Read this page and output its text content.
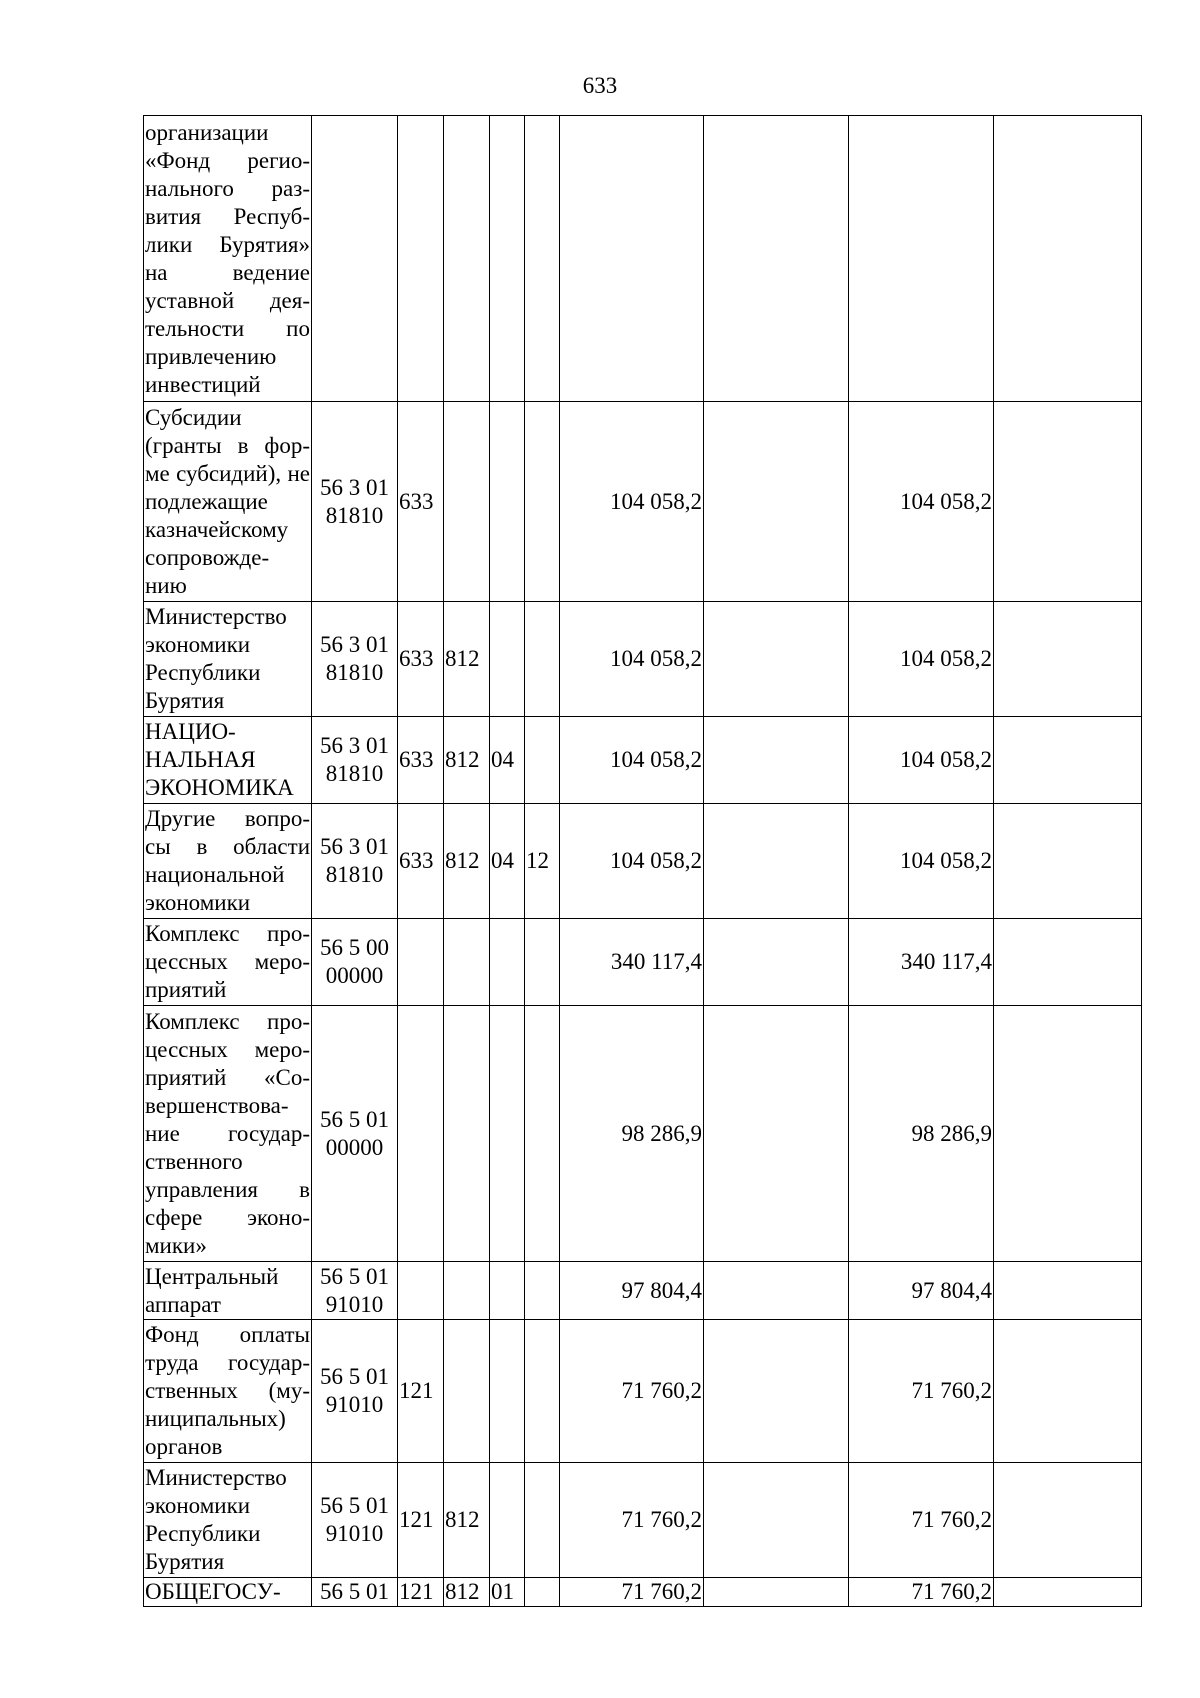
633
организации «Фонд регио-нального раз-вития Респуб-лики Бурятия» на ведение уставной дея-тельности по привлечению инвестиций									
Субсидии (гранты в фор-ме субсидий), не подлежащие казначейскому сопровожде-нию	56 3 01 81810	633				104 058,2		104 058,2	
Министерство экономики Республики Бурятия	56 3 01 81810	633	812			104 058,2		104 058,2	
НАЦИО-НАЛЬНАЯ ЭКОНОМИКА	56 3 01 81810	633	812	04		104 058,2		104 058,2	
Другие вопро-сы в области национальной экономики	56 3 01 81810	633	812	04	12	104 058,2		104 058,2	
Комплекс про-цессных меро-приятий	56 5 00 00000					340 117,4		340 117,4	
Комплекс про-цессных меро-приятий «Со-вершенствова-ние государ-ственного управления в сфере эконо-мики»	56 5 01 00000					98 286,9		98 286,9	
Центральный аппарат	56 5 01 91010					97 804,4		97 804,4	
Фонд оплаты труда государ-ственных (му-ниципальных) органов	56 5 01 91010	121				71 760,2		71 760,2	
Министерство экономики Республики Бурятия	56 5 01 91010	121	812			71 760,2		71 760,2	
ОБЩЕГОСУ-	56 5 01	121	812	01		71 760,2		71 760,2	
